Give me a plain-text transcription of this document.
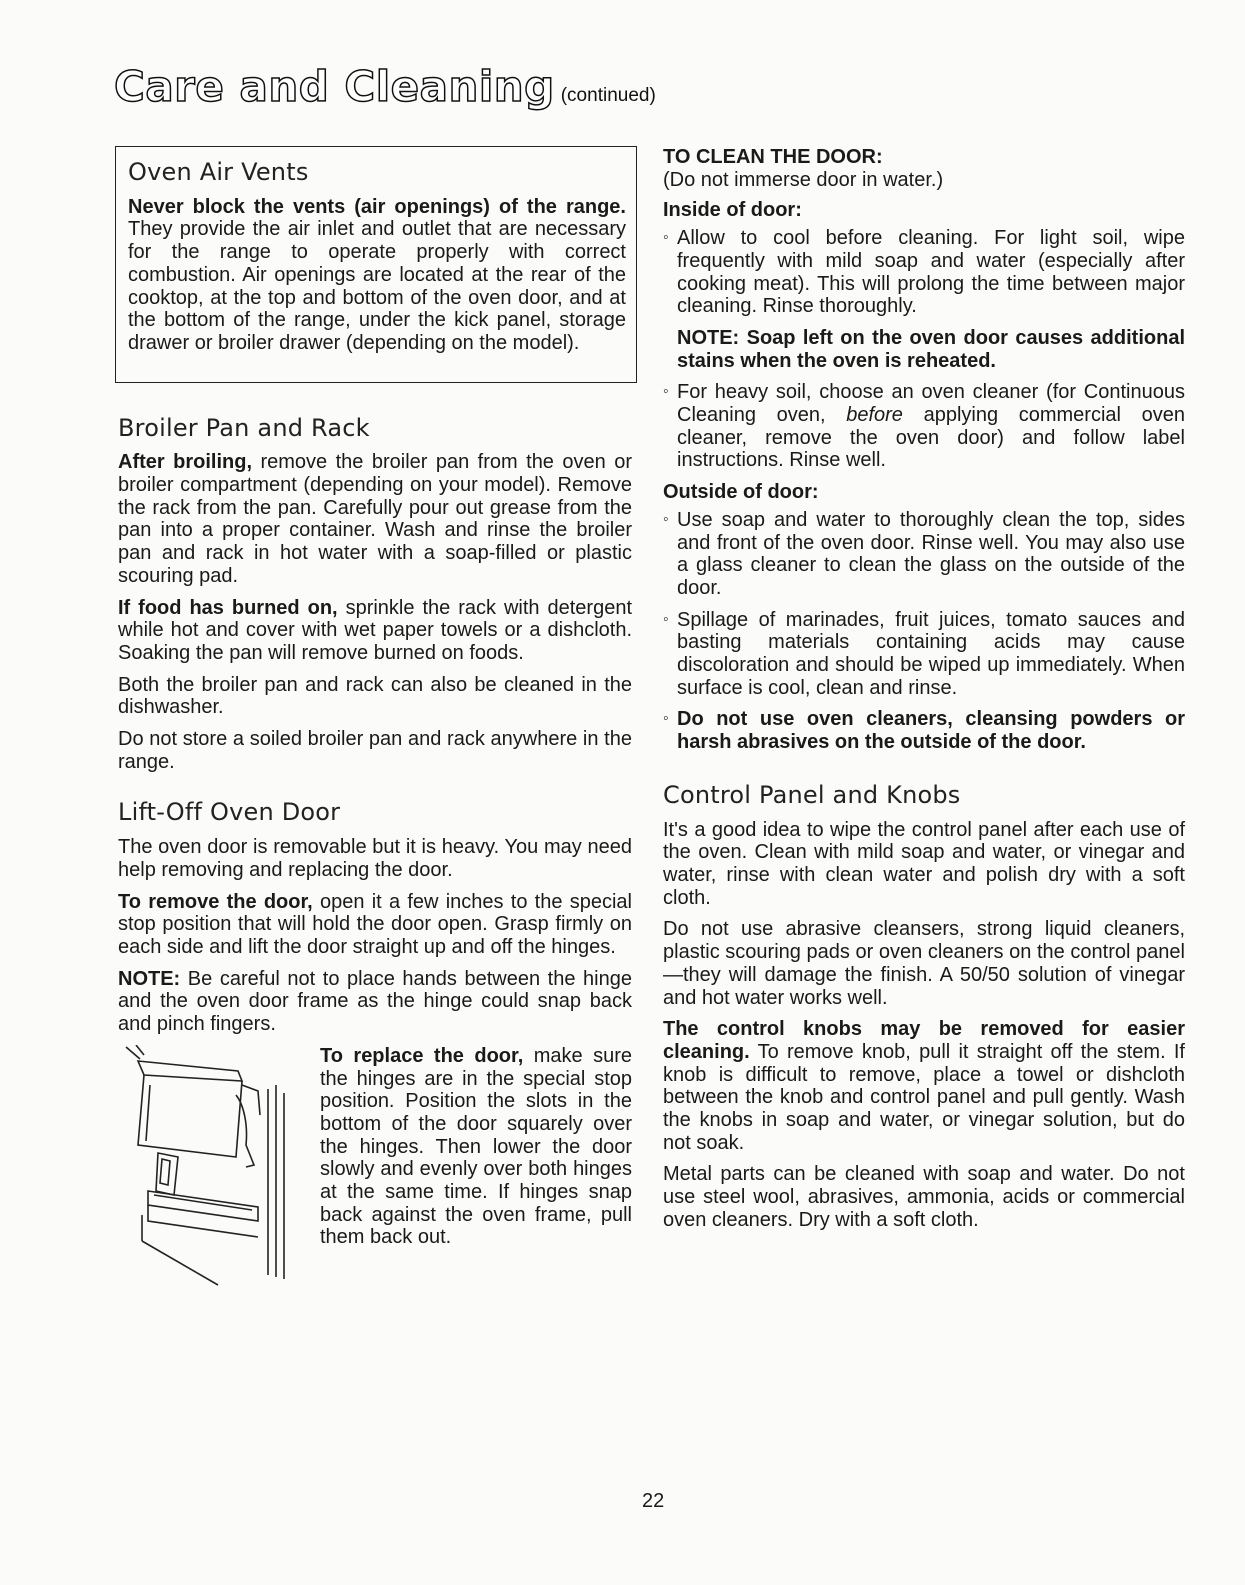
Care and Cleaning (continued)
Oven Air Vents

Never block the vents (air openings) of the range. They provide the air inlet and outlet that are necessary for the range to operate properly with correct combustion. Air openings are located at the rear of the cooktop, at the top and bottom of the oven door, and at the bottom of the range, under the kick panel, storage drawer or broiler drawer (depending on the model).

Broiler Pan and Rack

After broiling, remove the broiler pan from the oven or broiler compartment (depending on your model). Remove the rack from the pan. Carefully pour out grease from the pan into a proper container. Wash and rinse the broiler pan and rack in hot water with a soap-filled or plastic scouring pad.

If food has burned on, sprinkle the rack with detergent while hot and cover with wet paper towels or a dishcloth. Soaking the pan will remove burned on foods.

Both the broiler pan and rack can also be cleaned in the dishwasher.

Do not store a soiled broiler pan and rack anywhere in the range.

Lift-Off Oven Door

The oven door is removable but it is heavy. You may need help removing and replacing the door.

To remove the door, open it a few inches to the special stop position that will hold the door open. Grasp firmly on each side and lift the door straight up and off the hinges.

NOTE: Be careful not to place hands between the hinge and the oven door frame as the hinge could snap back and pinch fingers.

To replace the door, make sure the hinges are in the special stop position. Position the slots in the bottom of the door squarely over the hinges. Then lower the door slowly and evenly over both hinges at the same time. If hinges snap back against the oven frame, pull them back out.

TO CLEAN THE DOOR:
(Do not immerse door in water.)
Inside of door:

◦ Allow to cool before cleaning. For light soil, wipe frequently with mild soap and water (especially after cooking meat). This will prolong the time between major cleaning. Rinse thoroughly.

NOTE: Soap left on the oven door causes additional stains when the oven is reheated.

◦ For heavy soil, choose an oven cleaner (for Continuous Cleaning oven, before applying commercial oven cleaner, remove the oven door) and follow label instructions. Rinse well.

Outside of door:

◦ Use soap and water to thoroughly clean the top, sides and front of the oven door. Rinse well. You may also use a glass cleaner to clean the glass on the outside of the door.

◦ Spillage of marinades, fruit juices, tomato sauces and basting materials containing acids may cause discoloration and should be wiped up immediately. When surface is cool, clean and rinse.

◦ Do not use oven cleaners, cleansing powders or harsh abrasives on the outside of the door.

Control Panel and Knobs

It's a good idea to wipe the control panel after each use of the oven. Clean with mild soap and water, or vinegar and water, rinse with clean water and polish dry with a soft cloth.

Do not use abrasive cleansers, strong liquid cleaners, plastic scouring pads or oven cleaners on the control panel—they will damage the finish. A 50/50 solution of vinegar and hot water works well.

The control knobs may be removed for easier cleaning. To remove knob, pull it straight off the stem. If knob is difficult to remove, place a towel or dishcloth between the knob and control panel and pull gently. Wash the knobs in soap and water, or vinegar solution, but do not soak.

Metal parts can be cleaned with soap and water. Do not use steel wool, abrasives, ammonia, acids or commercial oven cleaners. Dry with a soft cloth.

22
